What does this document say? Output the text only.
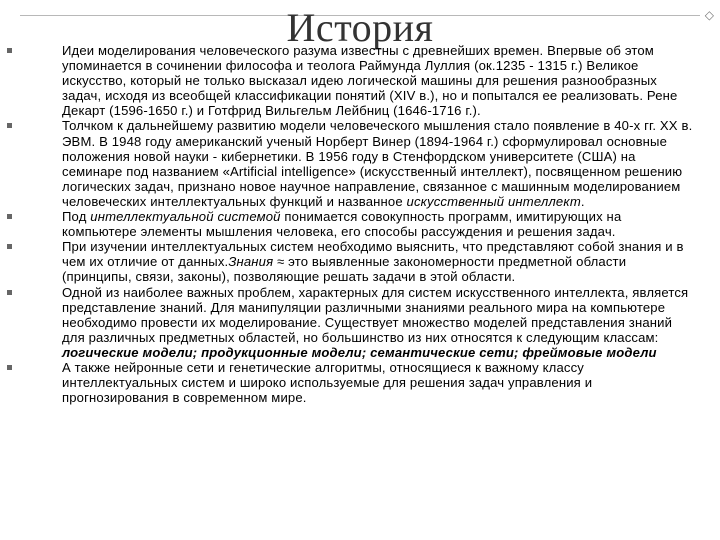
История	◇
Идеи моделирования человеческого разума известны с древнейших времен. Впервые об этом упоминается в сочинении философа и теолога Раймунда Луллия (ок.1235 - 1315 г.) Великое искусство, который не только высказал идею логической машины для решения разнообразных задач, исходя из всеобщей классификации понятий (XIV в.), но и попытался ее реализовать. Рене Декарт (1596-1650 г.) и Готфрид Вильгельм Лейбниц (1646-1716 г.).
Толчком к дальнейшему развитию модели человеческого мышления стало появление в 40-х гг. XX в. ЭВМ. В 1948 году американский ученый Норберт Винер (1894-1964 г.) сформулировал основные положения новой науки - кибернетики. В 1956 году в Стенфордском университете (США) на семинаре под названием «Artificial intelligence» (искусственный интеллект), посвященном решению логических задач, признано новое научное направление, связанное с машинным моделированием человеческих интеллектуальных функций и названное искусственный интеллект.
Под интеллектуальной системой понимается совокупность программ, имитирующих на компьютере элементы мышления человека, его способы рассуждения и решения задач.
При изучении интеллектуальных систем необходимо выяснить, что представляют собой знания и в чем их отличие от данных.Знания ≈ это выявленные закономерности предметной области (принципы, связи, законы), позволяющие решать задачи в этой области.
Одной из наиболее важных проблем, характерных для систем искусственного интеллекта, является представление знаний. Для манипуляции различными знаниями реального мира на компьютере необходимо провести их моделирование. Существует множество моделей представления знаний для различных предметных областей, но большинство из них относятся к следующим классам: логические модели; продукционные модели; семантические сети; фреймовые модели
А также нейронные сети и генетические алгоритмы, относящиеся к важному классу интеллектуальных систем и широко используемые для решения задач управления и прогнозирования в современном мире.
